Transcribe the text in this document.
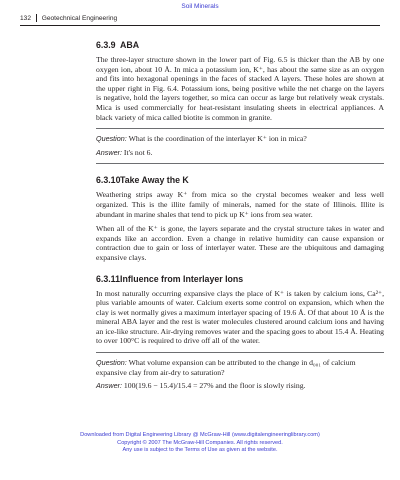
Soil Minerals
132 Geotechnical Engineering
6.3.9 ABA

The three-layer structure shown in the lower part of Fig. 6.5 is thicker than the AB by one oxygen ion, about 10 Å. In mica a potassium ion, K⁺, has about the same size as an oxygen and fits into hexagonal openings in the faces of stacked A layers. These holes are shown at the upper right in Fig. 6.4. Potassium ions, being positive while the net charge on the layers is negative, hold the layers together, so mica can occur as large but relatively weak crystals. Mica is used commercially for heat-resistant insulating sheets in electrical appliances. A black variety of mica called biotite is common in granite.

Question: What is the coordination of the interlayer K⁺ ion in mica?
Answer: It's not 6.
6.3.10Take Away the K

Weathering strips away K⁺ from mica so the crystal becomes weaker and less well organized. This is the illite family of minerals, named for the state of Illinois. Illite is abundant in marine shales that tend to pick up K⁺ ions from sea water.

When all of the K⁺ is gone, the layers separate and the crystal structure takes in water and expands like an accordion. Even a change in relative humidity can cause expansion or contraction due to gain or loss of interlayer water. These are the ubiquitous and damaging expansive clays.

6.3.11Influence from Interlayer Ions

In most naturally occurring expansive clays the place of K⁺ is taken by calcium ions, Ca²⁺, plus variable amounts of water. Calcium exerts some control on expansion, which when the clay is wet normally gives a maximum interlayer spacing of 19.6 Å. Of that about 10 Å is the mineral ABA layer and the rest is water molecules clustered around calcium ions and having an ice-like structure. Air-drying removes water and the spacing goes to about 15.4 Å. Heating to over 100°C is required to drive off all of the water.

Question: What volume expansion can be attributed to the change in d₀₀₁ of calcium expansive clay from air-dry to saturation?
Answer: 100(19.6 − 15.4)/15.4 = 27% and the floor is slowly rising.
Downloaded from Digital Engineering Library @ McGraw-Hill (www.digitalengineeringlibrary.com)
Copyright © 2007 The McGraw-Hill Companies. All rights reserved.
Any use is subject to the Terms of Use as given at the website.
